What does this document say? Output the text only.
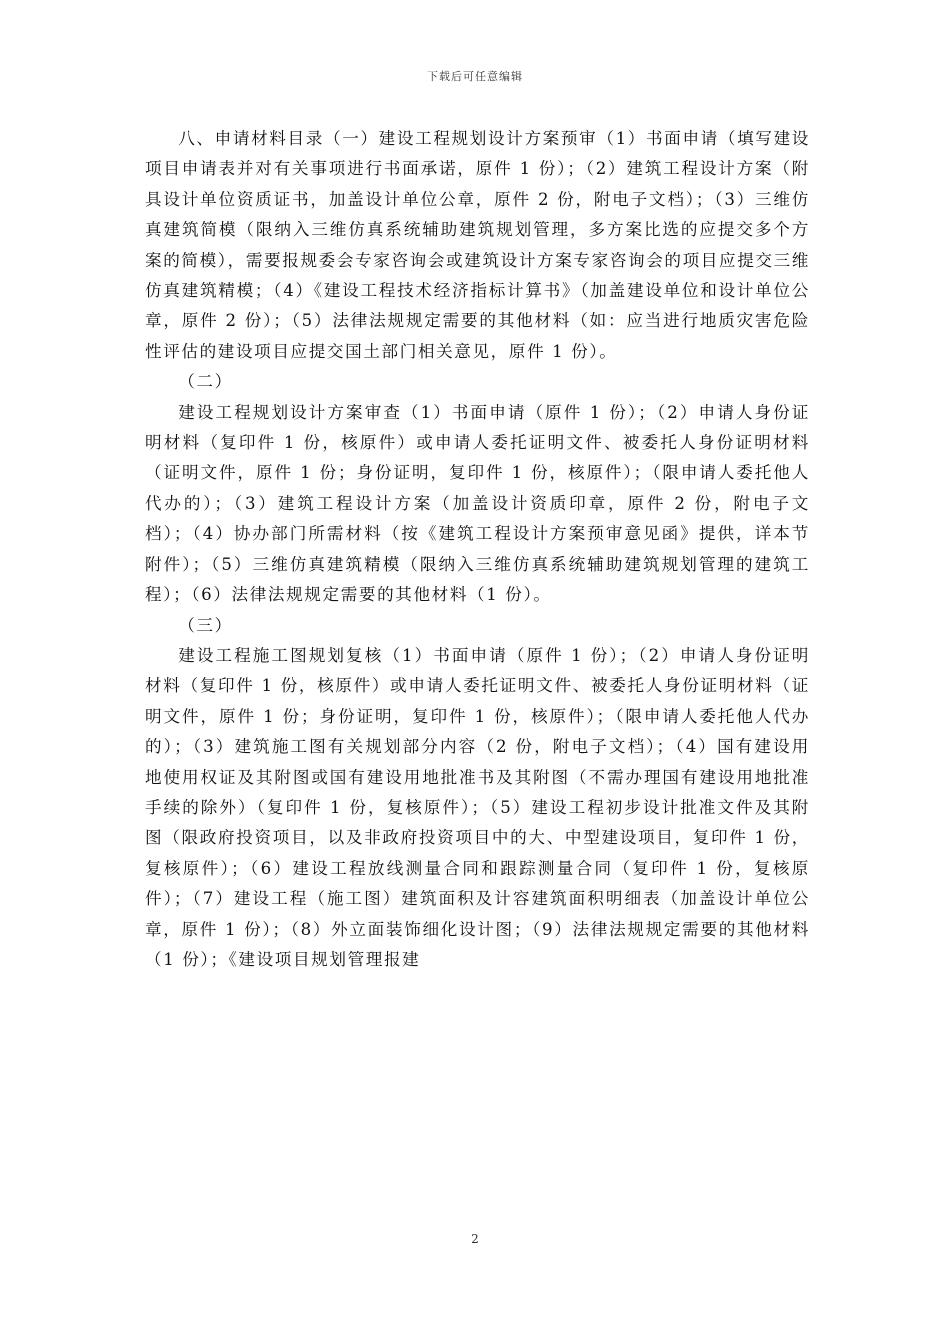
下载后可任意编辑

八、申请材料目录（一）建设工程规划设计方案预审（1）书面申请（填写建设项目申请表并对有关事项进行书面承诺，原件 1 份）；（2）建筑工程设计方案（附具设计单位资质证书，加盖设计单位公章，原件 2 份，附电子文档）；（3）三维仿真建筑简模（限纳入三维仿真系统辅助建筑规划管理，多方案比选的应提交多个方案的简模），需要报规委会专家咨询会或建筑设计方案专家咨询会的项目应提交三维仿真建筑精模；（4）《建设工程技术经济指标计算书》（加盖建设单位和设计单位公章，原件 2 份）；（5）法律法规规定需要的其他材料（如：应当进行地质灾害危险性评估的建设项目应提交国土部门相关意见，原件 1 份）。

（二）

建设工程规划设计方案审查（1）书面申请（原件 1 份）；（2）申请人身份证明材料（复印件 1 份，核原件）或申请人委托证明文件、被委托人身份证明材料（证明文件，原件 1 份；身份证明，复印件 1 份，核原件）；（限申请人委托他人代办的）；（3）建筑工程设计方案（加盖设计资质印章，原件 2 份，附电子文档）；（4）协办部门所需材料（按《建筑工程设计方案预审意见函》提供，详本节附件）；（5）三维仿真建筑精模（限纳入三维仿真系统辅助建筑规划管理的建筑工程）；（6）法律法规规定需要的其他材料（1 份）。

（三）

建设工程施工图规划复核（1）书面申请（原件 1 份）；（2）申请人身份证明材料（复印件 1 份，核原件）或申请人委托证明文件、被委托人身份证明材料（证明文件，原件 1 份；身份证明，复印件 1 份，核原件）；（限申请人委托他人代办的）；（3）建筑施工图有关规划部分内容（2 份，附电子文档）；（4）国有建设用地使用权证及其附图或国有建设用地批准书及其附图（不需办理国有建设用地批准手续的除外）（复印件 1 份，复核原件）；（5）建设工程初步设计批准文件及其附图（限政府投资项目，以及非政府投资项目中的大、中型建设项目，复印件 1 份，复核原件）；（6）建设工程放线测量合同和跟踪测量合同（复印件 1 份，复核原件）；（7）建设工程（施工图）建筑面积及计容建筑面积明细表（加盖设计单位公章，原件 1 份）；（8）外立面装饰细化设计图；（9）法律法规规定需要的其他材料（1 份）；《建设项目规划管理报建

2
